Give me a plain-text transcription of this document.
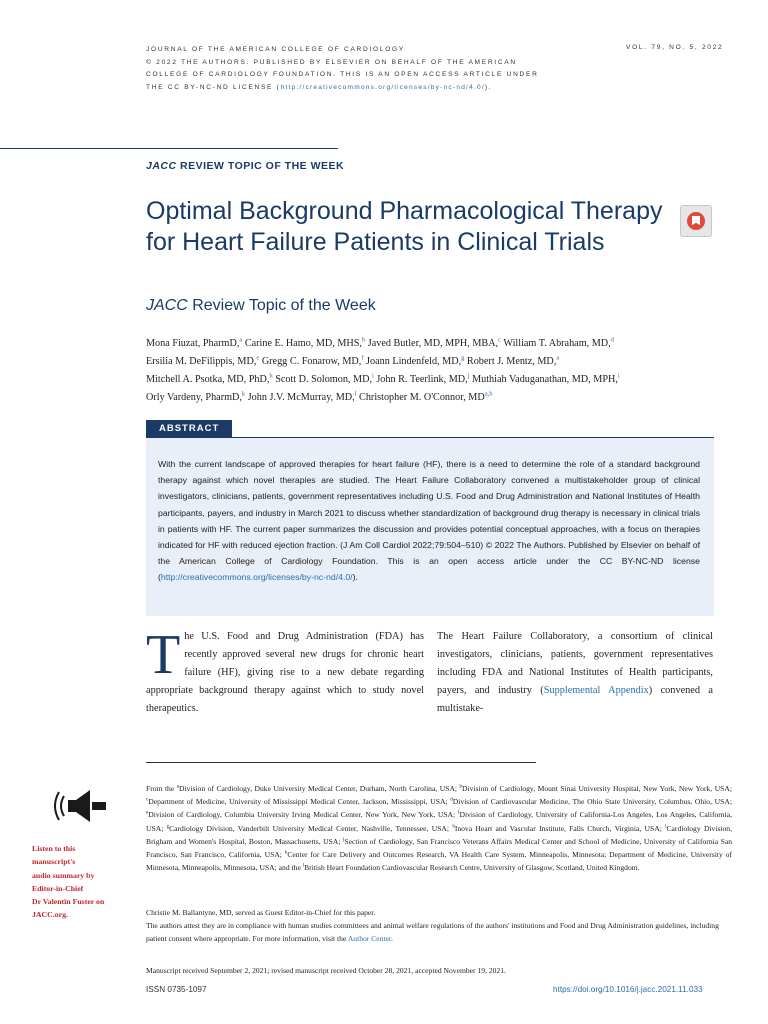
JOURNAL OF THE AMERICAN COLLEGE OF CARDIOLOGY
© 2022 THE AUTHORS. PUBLISHED BY ELSEVIER ON BEHALF OF THE AMERICAN
COLLEGE OF CARDIOLOGY FOUNDATION. THIS IS AN OPEN ACCESS ARTICLE UNDER
THE CC BY-NC-ND LICENSE (http://creativecommons.org/licenses/by-nc-nd/4.0/).
VOL. 79, NO. 5, 2022
JACC REVIEW TOPIC OF THE WEEK
Optimal Background Pharmacological Therapy for Heart Failure Patients in Clinical Trials
JACC Review Topic of the Week
Mona Fiuzat, PharmD,$^a$ Carine E. Hamo, MD, MHS,$^b$ Javed Butler, MD, MPH, MBA,$^c$ William T. Abraham, MD,$^d$
Ersilia M. DeFilippis, MD,$^e$ Gregg C. Fonarow, MD,$^f$ Joann Lindenfeld, MD,$^g$ Robert J. Mentz, MD,$^a$
Mitchell A. Psotka, MD, PhD,$^h$ Scott D. Solomon, MD,$^i$ John R. Teerlink, MD,$^j$ Muthiah Vaduganathan, MD, MPH,$^i$
Orly Vardeny, PharmD,$^k$ John J.V. McMurray, MD,$^l$ Christopher M. O'Connor, MD$^{a,h}$
ABSTRACT

With the current landscape of approved therapies for heart failure (HF), there is a need to determine the role of a standard background therapy against which novel therapies are studied. The Heart Failure Collaboratory convened a multistakeholder group of clinical investigators, clinicians, patients, government representatives including U.S. Food and Drug Administration and National Institutes of Health participants, payers, and industry in March 2021 to discuss whether standardization of background drug therapy is necessary in clinical trials in patients with HF. The current paper summarizes the discussion and provides potential conceptual approaches, with a focus on therapies indicated for HF with reduced ejection fraction. (J Am Coll Cardiol 2022;79:504–510) © 2022 The Authors. Published by Elsevier on behalf of the American College of Cardiology Foundation. This is an open access article under the CC BY-NC-ND license (http://creativecommons.org/licenses/by-nc-nd/4.0/).

The U.S. Food and Drug Administration (FDA) has recently approved several new drugs for chronic heart failure (HF), giving rise to a new debate regarding appropriate background therapy against which to study novel therapeutics.

The Heart Failure Collaboratory, a consortium of clinical investigators, clinicians, patients, government representatives including FDA and National Institutes of Health participants, payers, and industry (Supplemental Appendix) convened a multistake-

Listen to this manuscript's
audio summary by
Editor-in-Chief
Dr Valentin Fuster on
JACC.org.

From the $^a$Division of Cardiology, Duke University Medical Center, Durham, North Carolina, USA; $^b$Division of Cardiology, Mount Sinai University Hospital, New York, New York, USA; $^c$Department of Medicine, University of Mississippi Medical Center, Jackson, Mississippi, USA; $^d$Division of Cardiovascular Medicine, The Ohio State University, Columbus, Ohio, USA; $^e$Division of Cardiology, Columbia University Irving Medical Center, New York, New York, USA; $^f$Division of Cardiology, University of California-Los Angeles, Los Angeles, California, USA; $^g$Cardiology Division, Vanderbilt University Medical Center, Nashville, Tennessee, USA; $^h$Inova Heart and Vascular Institute, Falls Church, Virginia, USA; $^i$Cardiology Division, Brigham and Women's Hospital, Boston, Massachusetts, USA; $^j$Section of Cardiology, San Francisco Veterans Affairs Medical Center and School of Medicine, University of California San Francisco, San Francisco, California, USA; $^k$Center for Care Delivery and Outcomes Research, VA Health Care System, Minneapolis, Minnesota; Department of Medicine, University of Minnesota, Minneapolis, Minnesota, USA; and the $^l$British Heart Foundation Cardiovascular Research Centre, University of Glasgow, Scotland, United Kingdom.

Christie M. Ballantyne, MD, served as Guest Editor-in-Chief for this paper.

The authors attest they are in compliance with human studies committees and animal welfare regulations of the authors' institutions and Food and Drug Administration guidelines, including patient consent where appropriate. For more information, visit the Author Center.

Manuscript received September 2, 2021; revised manuscript received October 28, 2021, accepted November 19, 2021.

ISSN 0735-1097	https://doi.org/10.1016/j.jacc.2021.11.033
